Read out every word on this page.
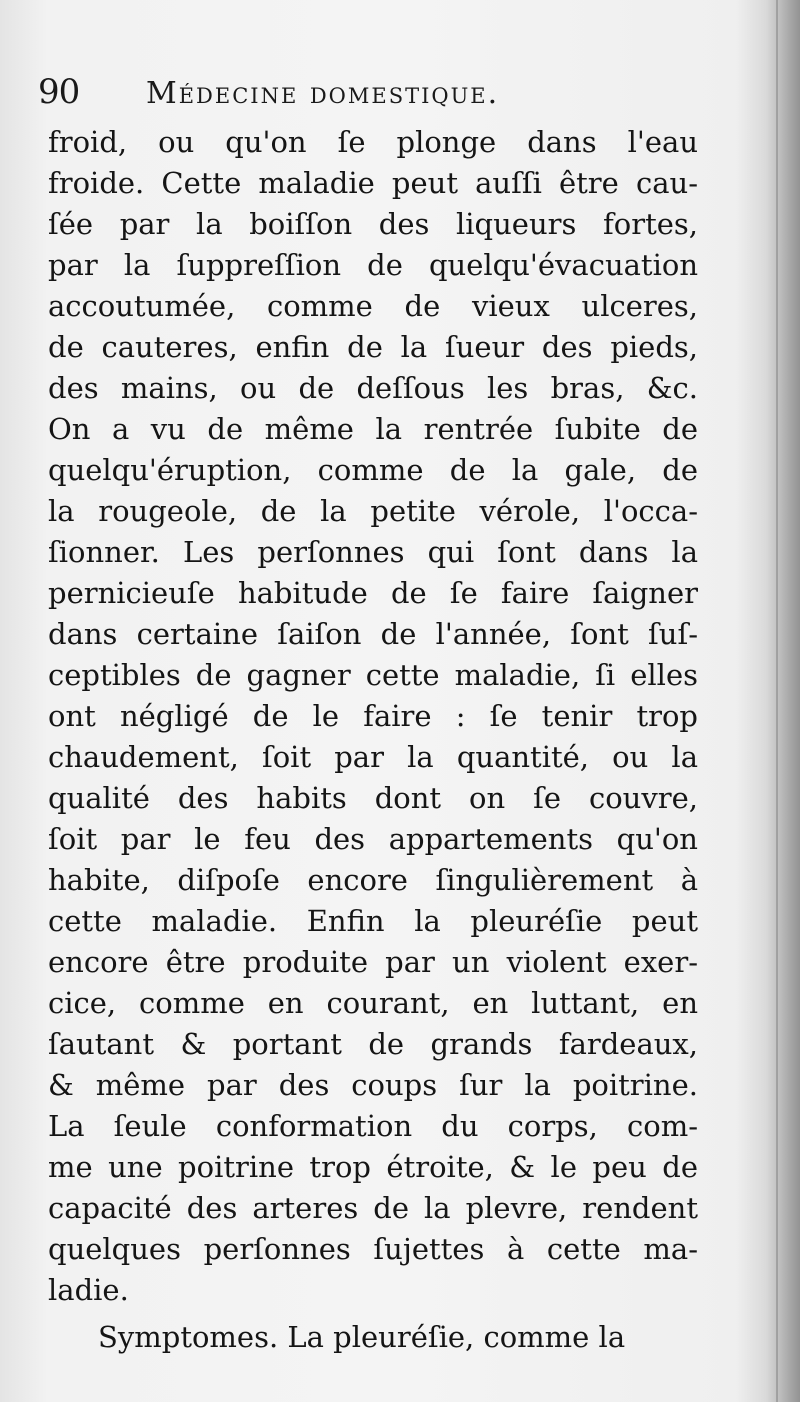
90 Médecine domestique.
froid, ou qu'on ſe plonge dans l'eau
froide. Cette maladie peut auſſi être cau-
ſée par la boiſſon des liqueurs fortes,
par la ſuppreſſion de quelqu'évacuation
accoutumée, comme de vieux ulceres,
de cauteres, enfin de la ſueur des pieds,
des mains, ou de deſſous les bras, &c.
On a vu de même la rentrée ſubite de
quelqu'éruption, comme de la gale, de
la rougeole, de la petite vérole, l'occa-
ſionner. Les perſonnes qui ſont dans la
pernicieuſe habitude de ſe faire ſaigner
dans certaine ſaiſon de l'année, ſont ſuſ-
ceptibles de gagner cette maladie, ſi elles
ont négligé de le faire : ſe tenir trop
chaudement, ſoit par la quantité, ou la
qualité des habits dont on ſe couvre,
ſoit par le feu des appartements qu'on
habite, diſpoſe encore ſingulièrement à
cette maladie. Enfin la pleuréſie peut
encore être produite par un violent exer-
cice, comme en courant, en luttant, en
ſautant & portant de grands fardeaux,
& même par des coups ſur la poitrine.
La ſeule conformation du corps, com-
me une poitrine trop étroite, & le peu de
capacité des arteres de la plevre, rendent
quelques perſonnes ſujettes à cette ma-
ladie.
Symptomes. La pleuréſie, comme la
